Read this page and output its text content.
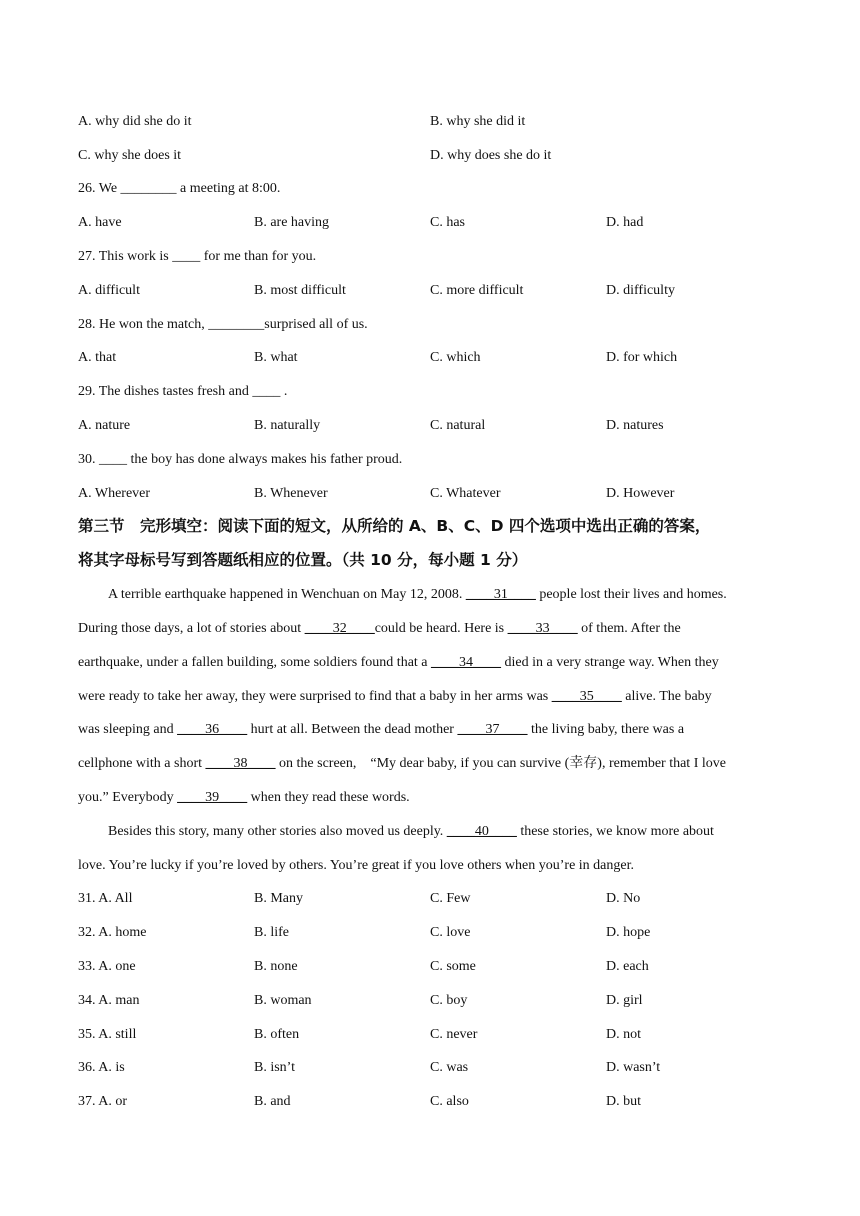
A. why did she do it	B. why she did it
C. why she does it	D. why does she do it
26. We ________ a meeting at 8:00.
A. have	B. are having	C. has	D. had
27. This work is ____ for me than for you.
A. difficult	B. most difficult	C. more difficult	D. difficulty
28. He won the match, ________surprised all of us.
A. that	B. what	C. which	D. for which
29. The dishes tastes fresh and ____ .
A. nature	B. naturally	C. natural	D. natures
30. ____ the boy has done always makes his father proud.
A. Wherever	B. Whenever	C. Whatever	D. However
第三节　完形填空：阅读下面的短文，从所给的 A、B、C、D 四个选项中选出正确的答案，
将其字母标号写到答题纸相应的位置。（共 10 分，每小题 1 分）
A terrible earthquake happened in Wenchuan on May 12, 2008. ____31____ people lost their lives and homes.
During those days, a lot of stories about ____32____could be heard. Here is ____33____ of them. After the
earthquake, under a fallen building, some soldiers found that a ____34____ died in a very strange way. When they
were ready to take her away, they were surprised to find that a baby in her arms was ____35____ alive. The baby
was sleeping and ____36____ hurt at all. Between the dead mother ____37____ the living baby, there was a
cellphone with a short ____38____ on the screen,　“My dear baby, if you can survive (幸存), remember that I love
you.” Everybody ____39____ when they read these words.
Besides this story, many other stories also moved us deeply. ____40____ these stories, we know more about
love. You’re lucky if you’re loved by others. You’re great if you love others when you’re in danger.
31. A. All	B. Many	C. Few	D. No
32. A. home	B. life	C. love	D. hope
33. A. one	B. none	C. some	D. each
34. A. man	B. woman	C. boy	D. girl
35. A. still	B. often	C. never	D. not
36. A. is	B. isn’t	C. was	D. wasn’t
37. A. or	B. and	C. also	D. but
